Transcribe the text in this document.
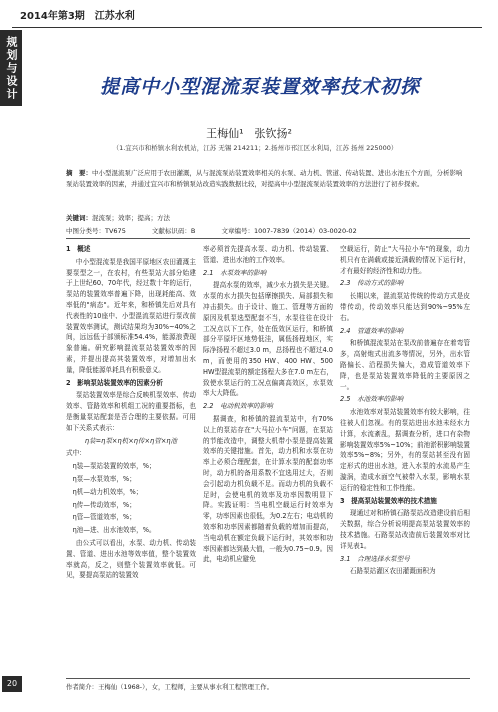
2014年第3期　江苏水利
规划与设计	提高中小型混流泵装置效率技术初探
王梅仙¹　张钦扬²
（1.宜兴市和桥镇水利农机站，江苏 无锡 214211；2.扬州市邗江区水利局，江苏 扬州 225000）
摘　要：中小型混流泵广泛应用于农田灌溉，从与混流泵站装置效率相关的水泵、动力机、管道、传动装置、进出水池五个方面，分析影响泵站装置效率的因素，并通过宜兴市和桥镇泵站改造实践数据比较，对提高中小型混流泵站装置效率的方法进行了初步探索。
关键词：混流泵；效率；提高；方法
中图分类号：TV675	文献标识码：B	文章编号：1007-7839（2014）03-0020-02

1　概述

中小型混流泵是我国平原地区农田灌溉主要泵型之一，在农村，有些泵站大部分始建于上世纪60、70年代，经过数十年的运行，泵站的装置效率普遍下降，出现耗能高、效率低的"病态"。近年来，和桥镇先后对具有代表性的10座中、小型混流泵站进行泵改前装置效率测试，测试结果均为30%~40%之间，远远低于部颁标准54.4%，能源浪费现象普遍。研究影响混流泵站装置效率的因素，并提出提高其装置效率，对增加出水量，降低能源单耗具有积极意义。

2　影响泵站装置效率的因素分析

泵站装置效率是综合反映机泵效率、传动效率、管路效率和机组工况的重要指标，也是衡量泵站配套是否合理的主要依据。可用如下关系式表示：

η装=η泵×η机×η传×η管×η池

式中：

η装—泵站装置的效率，%；

η泵—水泵效率，%；

η机—动力机效率，%；

η传—传动效率，%；

η管—管道效率，%；

η池—进、出水池效率，%。

由公式可以看出，水泵、动力机、传动装置、管道、进出水池等效率值，整个装置效率就高，反之，则整个装置效率就低。可见，要提高泵站的装置效

率必须首先提高水泵、动力机、传动装置、管道、进出水池的工作效率。

2.1　水泵效率的影响

提高水泵的效率，减少水力损失是关键。水泵的水力损失包括摩擦损失、局部损失和冲击损失。由于设计、施工、管理等方面的原因及机泵选型配套不当，水泵往往在设计工况点以下工作，处在低效区运行，和桥镇部分平原圩区地势低洼，属低扬程地区，实际净扬程不超过3.0 m，总扬程也不超过4.0 m，而使用的350 HW、400 HW、500 HW型混流泵的额定扬程大多在7.0 m左右，致使水泵运行的工况点偏离高效区，水泵效率大大降低。

2.2　电动机效率的影响

据调查，和桥镇的混流泵站中，有70%以上的泵站存在"大马拉小车"问题，在泵站的节能改造中，调整大机带小泵是提高装置效率的关键措施。首先，动力机和水泵在功率上必须合理配套，在计算水泵的配套功率时，动力机的备用系数不宜选用过大，否则会引起动力机负载不足。而动力机的负载不足时，会使电机的效率及功率因数明显下降。实践证明：当电机空载运行时效率为零，功率因素也很低，为0.2左右；电动机的效率和功率因素都随着负载的增加而提高，当电动机在额定负载下运行时，其效率和功率因素都达到最大值，一般为0.75~0.9。因此，电动机应避免

空载运行，防止"大马拉小车"的现象，动力机只有在满载或接近满载的情况下运行时，才有最好的经济性和动力性。

2.3　传动方式的影响

长期以来，混流泵站传统的传动方式是皮带传动，传动效率只能达到90%~95%左右。

2.4　管道效率的影响

和桥镇混流泵站在泵改前普遍存在着弯管多，高射炮式出流多等情况，另外，出水管路偏长、沿程损失偏大，造成管道效率下降，也是泵站装置效率降低的主要原因之一。

2.5　水池效率的影响

水池效率对泵站装置效率有较大影响，往往被人们忽视。有的泵站进出水池未经水力计算，水流紊乱，据调查分析，进口有杂物影响装置效率5%~10%；前池淤积影响装置效率5%~8%；另外，有的泵站甚至没有固定形式的进出水池，进入水泵的水流易产生漩涡，造成水面空气被带入水泵，影响水泵运行的稳定性和工作性能。

3　提高泵站装置效率的技术措施

现通过对和桥镇石路泵站改造建设前后相关数据，综合分析说明提高泵站装置效率的技术措施。石路泵站改造前后装置效率对比详见表1。

3.1　合理选择水泵型号

石路泵站灌区农田灌溉面积为

20	作者简介：王梅仙（1968-），女，工程师，主要从事水利工程管理工作。
